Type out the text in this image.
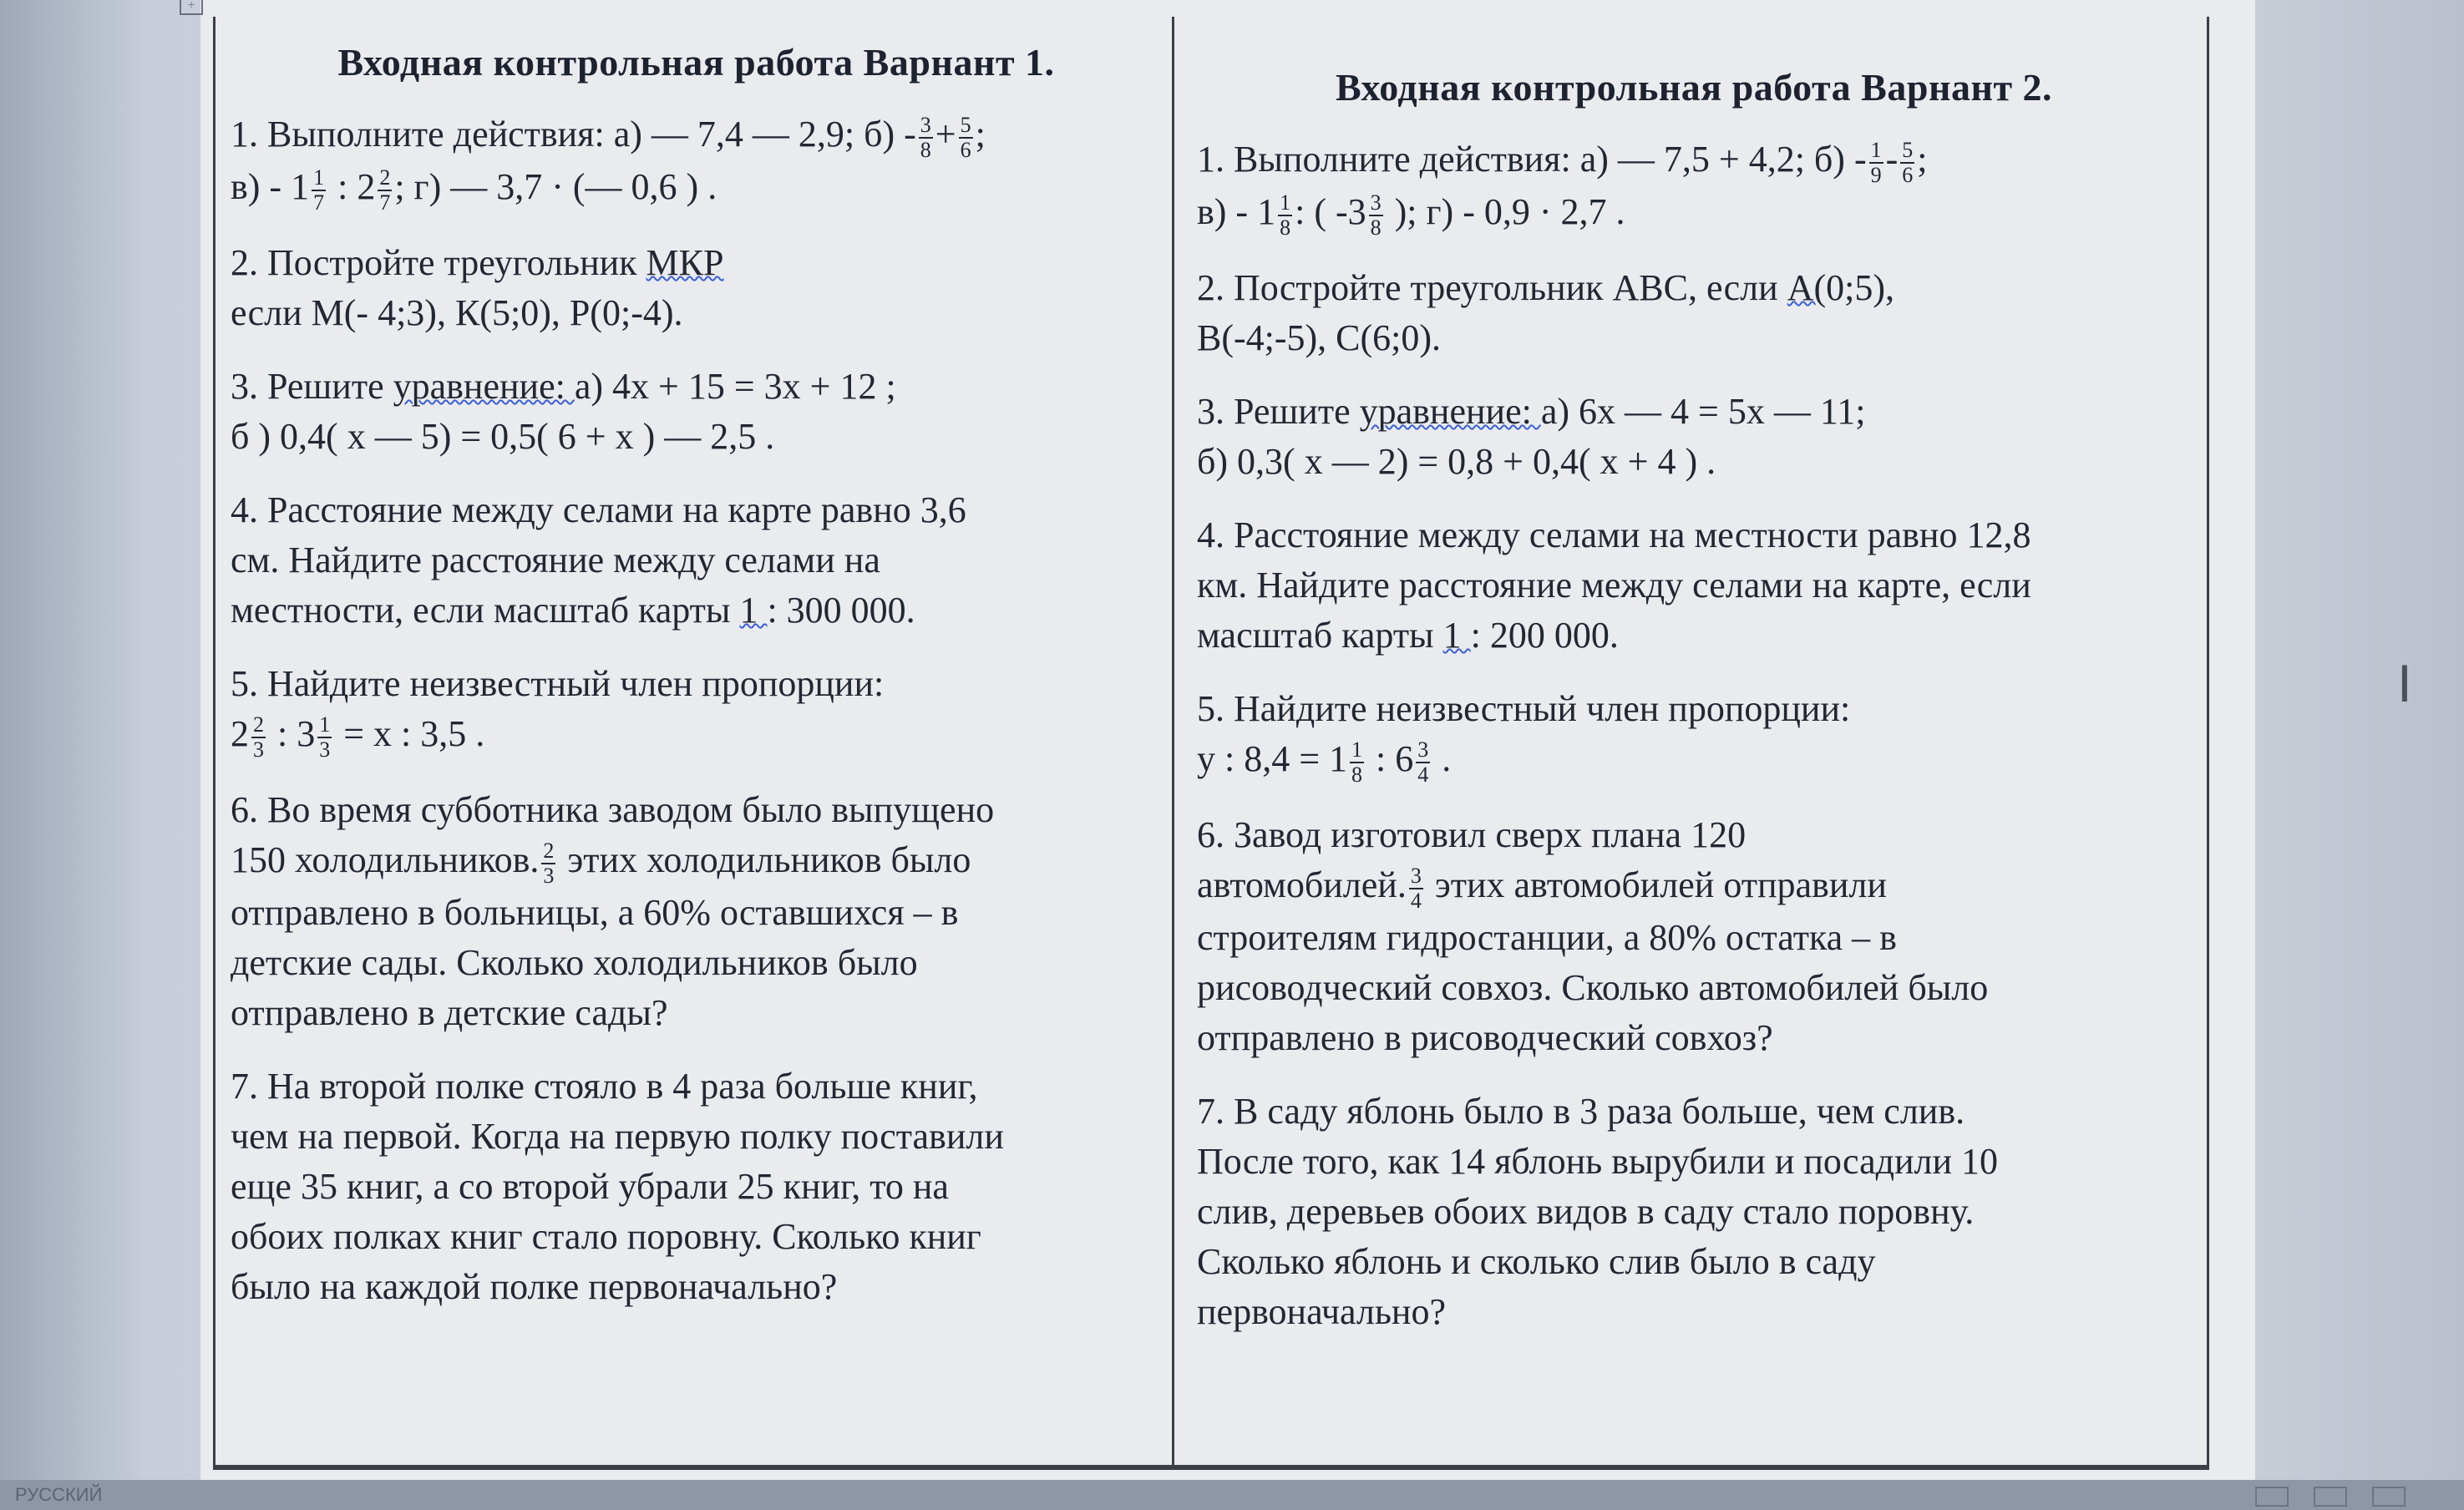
+
Входная контрольная работа Варнант 1.
1. Выполните действия: а) — 7,4 — 2,9; $б) - \frac{3}{8} + \frac{5}{6}$ ;
$в) - 1 \frac{1}{7}$ : $2 \frac{2}{7}$ ; г) — 3,7 · (— 0,6 ) .
2. Постройте треугольник МКР
если М(- 4;3), К(5;0), Р(0;-4).
3. Решите уравнение: а) 4x + 15 = 3x + 12 ;
б ) 0,4( x — 5) = 0,5( 6 + x ) — 2,5 .
4. Расстояние между селами на карте равно 3,6
см. Найдите расстояние между селами на
местности, если масштаб карты 1 : 300 000.
5. Найдите неизвестный член пропорции:
$2 \frac{2}{3}$ : $3 \frac{1}{3} = x$ : 3,5 .
6. Во время субботника заводом было выпущено
150 холодильников. $\frac{2}{3}$ этих холодильников было
отправлено в больницы, а 60% оставшихся – в
детские сады. Сколько холодильников было
отправлено в детские сады?
7. На второй полке стояло в 4 раза больше книг,
чем на первой. Когда на первую полку поставили
еще 35 книг, а со второй убрали 25 книг, то на
обоих полках книг стало поровну. Сколько книг
было на каждой полке первоначально?
Входная контрольная работа Варнант 2.
1. Выполните действия: а) — 7,5 + 4,2; $б) - \frac{1}{9} - \frac{5}{6}$ ;
$в) - 1 \frac{1}{8}$ : ( $-3 \frac{3}{8}$ ); г) - 0,9 · 2,7 .
2. Постройте треугольник АВС, если А(0;5),
В(-4;-5), С(6;0).
3. Решите уравнение: а) 6x — 4 = 5x — 11;
б) 0,3( x — 2) = 0,8 + 0,4( x + 4 ) .
4. Расстояние между селами на местности равно 12,8
км. Найдите расстояние между селами на карте, если
масштаб карты 1 : 200 000.
5. Найдите неизвестный член пропорции:
y : $8,4 = 1 \frac{1}{8}$ : $6 \frac{3}{4}$ .
6. Завод изготовил сверх плана 120
автомобилей. $\frac{3}{4}$ этих автомобилей отправили
строителям гидростанции, а 80% остатка – в
рисоводческий совхоз. Сколько автомобилей было
отправлено в рисоводческий совхоз?
7. В саду яблонь было в 3 раза больше, чем слив.
После того, как 14 яблонь вырубили и посадили 10
слив, деревьев обоих видов в саду стало поровну.
Сколько яблонь и сколько слив было в саду
первоначально?
I
РУССКИЙ
